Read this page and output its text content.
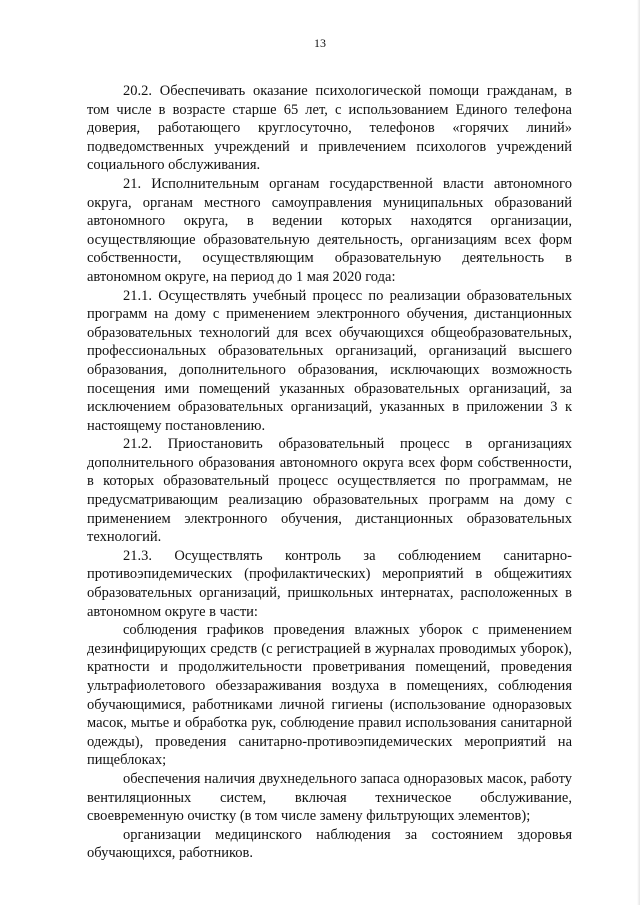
13

20.2. Обеспечивать оказание психологической помощи гражданам, в том числе в возрасте старше 65 лет, с использованием Единого телефона доверия, работающего круглосуточно, телефонов «горячих линий» подведомственных учреждений и привлечением психологов учреждений социального обслуживания.

21. Исполнительным органам государственной власти автономного округа, органам местного самоуправления муниципальных образований автономного округа, в ведении которых находятся организации, осуществляющие образовательную деятельность, организациям всех форм собственности, осуществляющим образовательную деятельность в автономном округе, на период до 1 мая 2020 года:

21.1. Осуществлять учебный процесс по реализации образовательных программ на дому с применением электронного обучения, дистанционных образовательных технологий для всех обучающихся общеобразовательных, профессиональных образовательных организаций, организаций высшего образования, дополнительного образования, исключающих возможность посещения ими помещений указанных образовательных организаций, за исключением образовательных организаций, указанных в приложении 3 к настоящему постановлению.

21.2. Приостановить образовательный процесс в организациях дополнительного образования автономного округа всех форм собственности, в которых образовательный процесс осуществляется по программам, не предусматривающим реализацию образовательных программ на дому с применением электронного обучения, дистанционных образовательных технологий.

21.3. Осуществлять контроль за соблюдением санитарно-противоэпидемических (профилактических) мероприятий в общежитиях образовательных организаций, пришкольных интернатах, расположенных в автономном округе в части:

соблюдения графиков проведения влажных уборок с применением дезинфицирующих средств (с регистрацией в журналах проводимых уборок), кратности и продолжительности проветривания помещений, проведения ультрафиолетового обеззараживания воздуха в помещениях, соблюдения обучающимися, работниками личной гигиены (использование одноразовых масок, мытье и обработка рук, соблюдение правил использования санитарной одежды), проведения санитарно-противоэпидемических мероприятий на пищеблоках;

обеспечения наличия двухнедельного запаса одноразовых масок, работу вентиляционных систем, включая техническое обслуживание, своевременную очистку (в том числе замену фильтрующих элементов);

организации медицинского наблюдения за состоянием здоровья обучающихся, работников.
